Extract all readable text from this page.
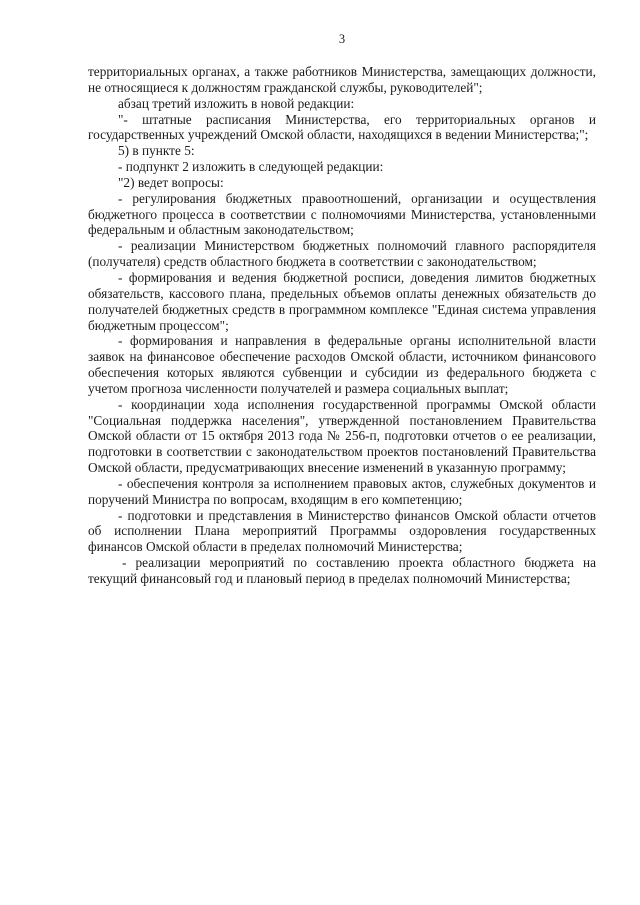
3

территориальных органах, а также работников Министерства, замещающих должности, не относящиеся к должностям гражданской службы, руководителей";

абзац третий изложить в новой редакции:

"- штатные расписания Министерства, его территориальных органов и государственных учреждений Омской области, находящихся в ведении Министерства;";

5) в пункте 5:

- подпункт 2 изложить в следующей редакции:

"2) ведет вопросы:

- регулирования бюджетных правоотношений, организации и осуществления бюджетного процесса в соответствии с полномочиями Министерства, установленными федеральным и областным законодательством;

- реализации Министерством бюджетных полномочий главного распорядителя (получателя) средств областного бюджета в соответствии с законодательством;

- формирования и ведения бюджетной росписи, доведения лимитов бюджетных обязательств, кассового плана, предельных объемов оплаты денежных обязательств до получателей бюджетных средств в программном комплексе "Единая система управления бюджетным процессом";

- формирования и направления в федеральные органы исполнительной власти заявок на финансовое обеспечение расходов Омской области, источником финансового обеспечения которых являются субвенции и субсидии из федерального бюджета с учетом прогноза численности получателей и размера социальных выплат;

- координации хода исполнения государственной программы Омской области "Социальная поддержка населения", утвержденной постановлением Правительства Омской области от 15 октября 2013 года № 256-п, подготовки отчетов о ее реализации, подготовки в соответствии с законодательством проектов постановлений Правительства Омской области, предусматривающих внесение изменений в указанную программу;

- обеспечения контроля за исполнением правовых актов, служебных документов и поручений Министра по вопросам, входящим в его компетенцию;

- подготовки и представления в Министерство финансов Омской области отчетов об исполнении Плана мероприятий Программы оздоровления государственных финансов Омской области в пределах полномочий Министерства;

- реализации мероприятий по составлению проекта областного бюджета на текущий финансовый год и плановый период в пределах полномочий Министерства;
